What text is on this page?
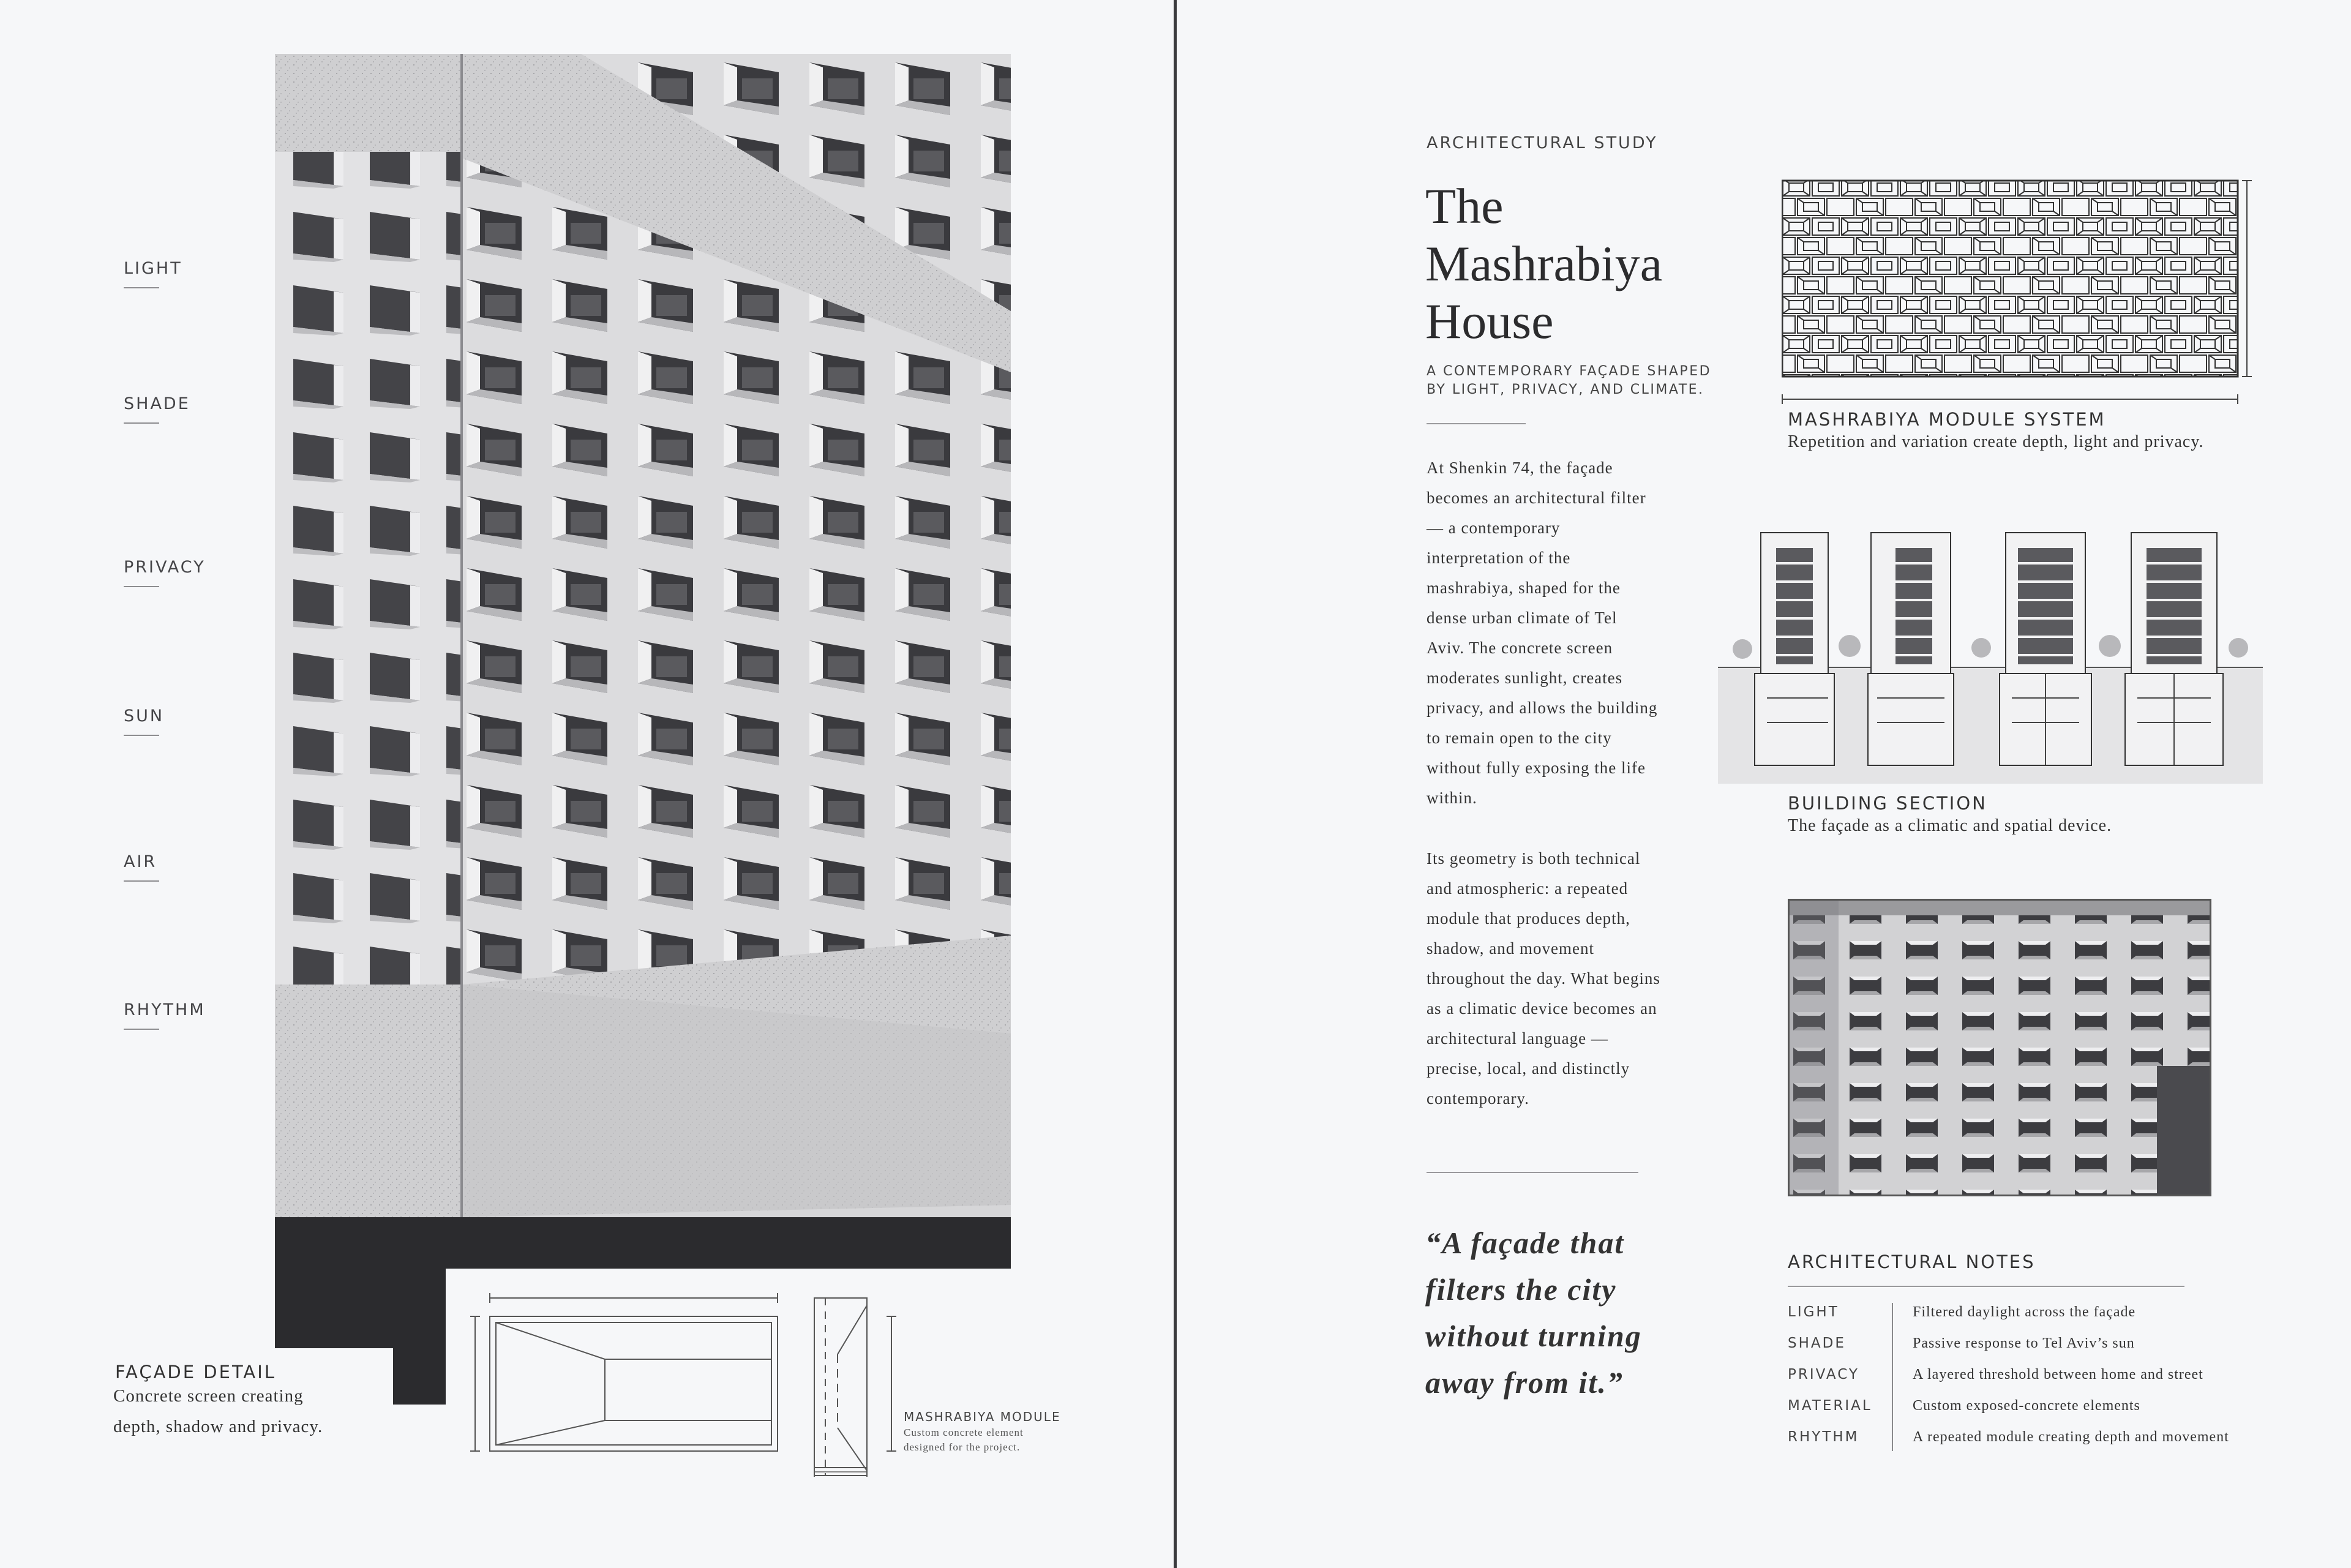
LIGHT
SHADE
PRIVACY
SUN
AIR
RHYTHM
FAÇADE DETAIL
Concrete screen creating
depth, shadow and privacy.	MASHRABIYA MODULE
Custom concrete element
designed for the project.
ARCHITECTURAL STUDY
The
Mashrabiya
House
A CONTEMPORARY FAÇADE SHAPED
BY LIGHT, PRIVACY, AND CLIMATE.
At Shenkin 74, the façade
becomes an architectural filter
— a contemporary
interpretation of the
mashrabiya, shaped for the
dense urban climate of Tel
Aviv. The concrete screen
moderates sunlight, creates
privacy, and allows the building
to remain open to the city
without fully exposing the life
within.
Its geometry is both technical
and atmospheric: a repeated
module that produces depth,
shadow, and movement
throughout the day. What begins
as a climatic device becomes an
architectural language —
precise, local, and distinctly
contemporary.
“A façade that
filters the city
without turning
away from it.”
MASHRABIYA MODULE SYSTEM
Repetition and variation create depth, light and privacy.
BUILDING SECTION
The façade as a climatic and spatial device.
ARCHITECTURAL NOTES
LIGHT	Filtered daylight across the façade
SHADE	Passive response to Tel Aviv’s sun
PRIVACY	A layered threshold between home and street
MATERIAL	Custom exposed-concrete elements
RHYTHM	A repeated module creating depth and movement
